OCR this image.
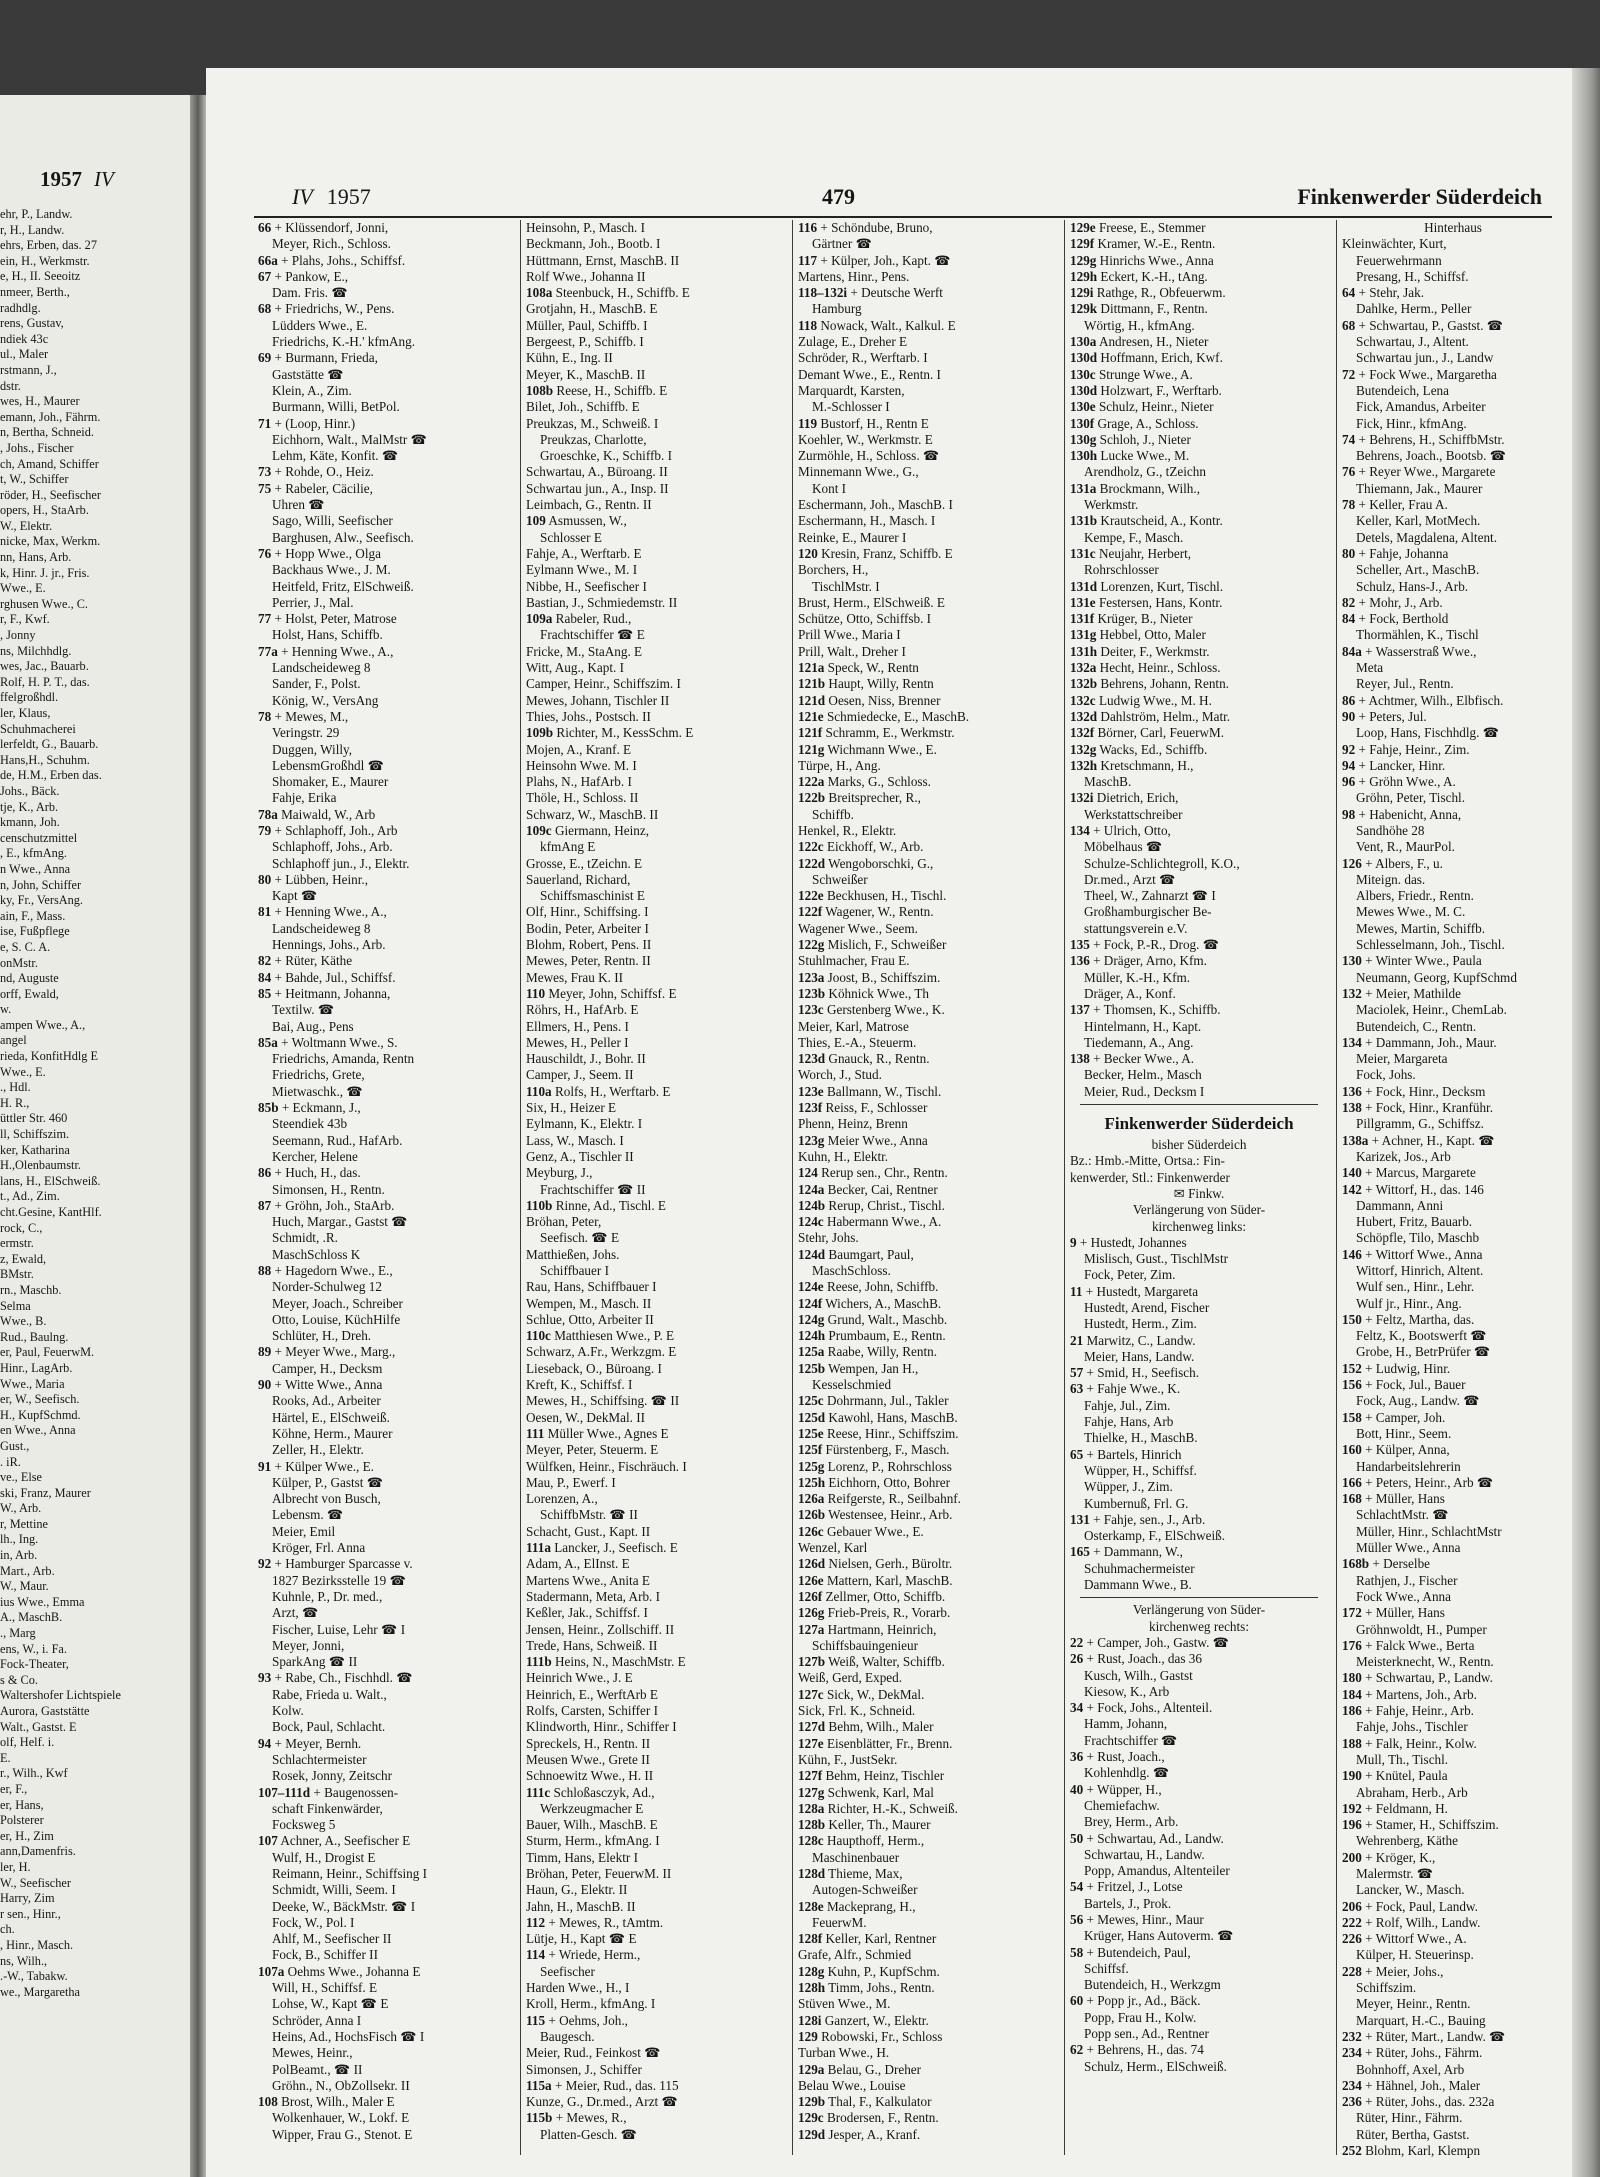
1957 IV
ehr, P., Landw.
r, H., Landw.
ehrs, Erben, das. 27
ein, H., Werkmstr.
e, H., II. Seeoitz
nmeer, Berth.,
radhdlg.
rens, Gustav,
ndiek 43c
ul., Maler
rstmann, J.,
dstr.
wes, H., Maurer
emann, Joh., Fährm.
n, Bertha, Schneid.
, Johs., Fischer
ch, Amand, Schiffer
t, W., Schiffer
röder, H., Seefischer
opers, H., StaArb.
W., Elektr.
nicke, Max, Werkm.
nn, Hans, Arb.
k, Hinr. J. jr., Fris.
Wwe., E.
rghusen Wwe., C.
r, F., Kwf.
, Jonny
ns, Milchhdlg.
wes, Jac., Bauarb.
Rolf, H. P. T., das.
ffelgroßhdl.
ler, Klaus,
Schuhmacherei
lerfeldt, G., Bauarb.
Hans,H., Schuhm.
de, H.M., Erben das.
Johs., Bäck.
tje, K., Arb.
kmann, Joh.
censchutzmittel
, E., kfmAng.
n Wwe., Anna
n, John, Schiffer
ky, Fr., VersAng.
ain, F., Mass.
ise, Fußpflege
e, S. C. A.
onMstr.
nd, Auguste
orff, Ewald,
w.
ampen Wwe., A.,
angel
rieda, KonfitHdlg E
Wwe., E.
., Hdl.
H. R.,
üttler Str. 460
ll, Schiffszim.
ker, Katharina
H.,Olenbaumstr.
lans, H., ElSchweiß.
t., Ad., Zim.
cht.Gesine, KantHlf.
rock, C.,
ermstr.
z, Ewald,
BMstr.
rn., Maschb.
Selma
Wwe., B.
Rud., Baulng.
er, Paul, FeuerwM.
Hinr., LagArb.
Wwe., Maria
er, W., Seefisch.
H., KupfSchmd.
en Wwe., Anna
Gust.,
. iR.
ve., Else
ski, Franz, Maurer
W., Arb.
r, Mettine
lh., Ing.
in, Arb.
Mart., Arb.
W., Maur.
ius Wwe., Emma
A., MaschB.
., Marg
ens, W., i. Fa.
Fock-Theater,
s & Co.
Waltershofer Lichtspiele
Aurora, Gaststätte
Walt., Gastst. E
olf, Helf. i.
E.
r., Wilh., Kwf
er, F.,
er, Hans,
Polsterer
er, H., Zim
ann,Damenfris.
ler, H.
W., Seefischer
Harry, Zim
r sen., Hinr.,
ch.
, Hinr., Masch.
ns, Wilh.,
.-W., Tabakw.
we., Margaretha
IV 1957	479	Finkenwerder Süderdeich
66 + Klüssendorf, Jonni,
Meyer, Rich., Schloss.
66a + Plahs, Johs., Schiffsf.
67 + Pankow, E.,
Dam. Fris. ☎
68 + Friedrichs, W., Pens.
Lüdders Wwe., E.
Friedrichs, K.-H.' kfmAng.
69 + Burmann, Frieda,
Gaststätte ☎
Klein, A., Zim.
Burmann, Willi, BetPol.
71 + (Loop, Hinr.)
Eichhorn, Walt., MalMstr ☎
Lehm, Käte, Konfit. ☎
73 + Rohde, O., Heiz.
75 + Rabeler, Cäcilie,
Uhren ☎
Sago, Willi, Seefischer
Barghusen, Alw., Seefisch.
76 + Hopp Wwe., Olga
Backhaus Wwe., J. M.
Heitfeld, Fritz, ElSchweiß.
Perrier, J., Mal.
77 + Holst, Peter, Matrose
Holst, Hans, Schiffb.
77a + Henning Wwe., A.,
Landscheideweg 8
Sander, F., Polst.
König, W., VersAng
78 + Mewes, M.,
Veringstr. 29
Duggen, Willy,
LebensmGroßhdl ☎
Shomaker, E., Maurer
Fahje, Erika
78a Maiwald, W., Arb
79 + Schlaphoff, Joh., Arb
Schlaphoff, Johs., Arb.
Schlaphoff jun., J., Elektr.
80 + Lübben, Heinr.,
Kapt ☎
81 + Henning Wwe., A.,
Landscheideweg 8
Hennings, Johs., Arb.
82 + Rüter, Käthe
84 + Bahde, Jul., Schiffsf.
85 + Heitmann, Johanna,
Textilw. ☎
Bai, Aug., Pens
85a + Woltmann Wwe., S.
Friedrichs, Amanda, Rentn
Friedrichs, Grete,
Mietwaschk., ☎
85b + Eckmann, J.,
Steendiek 43b
Seemann, Rud., HafArb.
Kercher, Helene
86 + Huch, H., das.
Simonsen, H., Rentn.
87 + Gröhn, Joh., StaArb.
Huch, Margar., Gastst ☎
Schmidt, .R.
MaschSchloss K
88 + Hagedorn Wwe., E.,
Norder-Schulweg 12
Meyer, Joach., Schreiber
Otto, Louise, KüchHilfe
Schlüter, H., Dreh.
89 + Meyer Wwe., Marg.,
Camper, H., Decksm
90 + Witte Wwe., Anna
Rooks, Ad., Arbeiter
Härtel, E., ElSchweiß.
Köhne, Herm., Maurer
Zeller, H., Elektr.
91 + Külper Wwe., E.
Külper, P., Gastst ☎
Albrecht von Busch,
Lebensm. ☎
Meier, Emil
Kröger, Frl. Anna
92 + Hamburger Sparcasse v.
1827 Bezirksstelle 19 ☎
Kuhnle, P., Dr. med.,
Arzt, ☎
Fischer, Luise, Lehr ☎ I
Meyer, Jonni,
SparkAng ☎ II
93 + Rabe, Ch., Fischhdl. ☎
Rabe, Frieda u. Walt.,
Kolw.
Bock, Paul, Schlacht.
94 + Meyer, Bernh.
Schlachtermeister
Rosek, Jonny, Zeitschr
107–111d + Baugenossen-
schaft Finkenwärder,
Focksweg 5
107 Achner, A., Seefischer E
Wulf, H., Drogist E
Reimann, Heinr., Schiffsing I
Schmidt, Willi, Seem. I
Deeke, W., BäckMstr. ☎ I
Fock, W., Pol. I
Ahlf, M., Seefischer II
Fock, B., Schiffer II
107a Oehms Wwe., Johanna E
Will, H., Schiffsf. E
Lohse, W., Kapt ☎ E
Schröder, Anna I
Heins, Ad., HochsFisch ☎ I
Mewes, Heinr.,
PolBeamt., ☎ II
Gröhn., N., ObZollsekr. II
108 Brost, Wilh., Maler E
Wolkenhauer, W., Lokf. E
Wipper, Frau G., Stenot. E
Heinsohn, P., Masch. I
Beckmann, Joh., Bootb. I
Hüttmann, Ernst, MaschB. II
Rolf Wwe., Johanna II
108a Steenbuck, H., Schiffb. E
Grotjahn, H., MaschB. E
Müller, Paul, Schiffb. I
Bergeest, P., Schiffb. I
Kühn, E., Ing. II
Meyer, K., MaschB. II
108b Reese, H., Schiffb. E
Bilet, Joh., Schiffb. E
Preukzas, M., Schweiß. I
Preukzas, Charlotte,
Groeschke, K., Schiffb. I
Schwartau, A., Büroang. II
Schwartau jun., A., Insp. II
Leimbach, G., Rentn. II
109 Asmussen, W.,
Schlosser E
Fahje, A., Werftarb. E
Eylmann Wwe., M. I
Nibbe, H., Seefischer I
Bastian, J., Schmiedemstr. II
109a Rabeler, Rud.,
Frachtschiffer ☎ E
Fricke, M., StaAng. E
Witt, Aug., Kapt. I
Camper, Heinr., Schiffszim. I
Mewes, Johann, Tischler II
Thies, Johs., Postsch. II
109b Richter, M., KessSchm. E
Mojen, A., Kranf. E
Heinsohn Wwe. M. I
Plahs, N., HafArb. I
Thöle, H., Schloss. II
Schwarz, W., MaschB. II
109c Giermann, Heinz,
kfmAng E
Grosse, E., tZeichn. E
Sauerland, Richard,
Schiffsmaschinist E
Olf, Hinr., Schiffsing. I
Bodin, Peter, Arbeiter I
Blohm, Robert, Pens. II
Mewes, Peter, Rentn. II
Mewes, Frau K. II
110 Meyer, John, Schiffsf. E
Röhrs, H., HafArb. E
Ellmers, H., Pens. I
Mewes, H., Peller I
Hauschildt, J., Bohr. II
Camper, J., Seem. II
110a Rolfs, H., Werftarb. E
Six, H., Heizer E
Eylmann, K., Elektr. I
Lass, W., Masch. I
Genz, A., Tischler II
Meyburg, J.,
Frachtschiffer ☎ II
110b Rinne, Ad., Tischl. E
Bröhan, Peter,
Seefisch. ☎ E
Matthießen, Johs.
Schiffbauer I
Rau, Hans, Schiffbauer I
Wempen, M., Masch. II
Schlue, Otto, Arbeiter II
110c Matthiesen Wwe., P. E
Schwarz, A.Fr., Werkzgm. E
Lieseback, O., Büroang. I
Kreft, K., Schiffsf. I
Mewes, H., Schiffsing. ☎ II
Oesen, W., DekMal. II
111 Müller Wwe., Agnes E
Meyer, Peter, Steuerm. E
Wülfken, Heinr., Fischräuch. I
Mau, P., Ewerf. I
Lorenzen, A.,
SchiffbMstr. ☎ II
Schacht, Gust., Kapt. II
111a Lancker, J., Seefisch. E
Adam, A., ElInst. E
Martens Wwe., Anita E
Stadermann, Meta, Arb. I
Keßler, Jak., Schiffsf. I
Jensen, Heinr., Zollschiff. II
Trede, Hans, Schweiß. II
111b Heins, N., MaschMstr. E
Heinrich Wwe., J. E
Heinrich, E., WerftArb E
Rolfs, Carsten, Schiffer I
Klindworth, Hinr., Schiffer I
Spreckels, H., Rentn. II
Meusen Wwe., Grete II
Schnoewitz Wwe., H. II
111c Schloßasczyk, Ad.,
Werkzeugmacher E
Bauer, Wilh., MaschB. E
Sturm, Herm., kfmAng. I
Timm, Hans, Elektr I
Bröhan, Peter, FeuerwM. II
Haun, G., Elektr. II
Jahn, H., MaschB. II
112 + Mewes, R., tAmtm.
Lütje, H., Kapt ☎ E
114 + Wriede, Herm.,
Seefischer
Harden Wwe., H., I
Kroll, Herm., kfmAng. I
115 + Oehms, Joh.,
Baugesch.
Meier, Rud., Feinkost ☎
Simonsen, J., Schiffer
115a + Meier, Rud., das. 115
Kunze, G., Dr.med., Arzt ☎
115b + Mewes, R.,
Platten-Gesch. ☎
116 + Schöndube, Bruno,
Gärtner ☎
117 + Külper, Joh., Kapt. ☎
Martens, Hinr., Pens.
118–132i + Deutsche Werft
Hamburg
118 Nowack, Walt., Kalkul. E
Zulage, E., Dreher E
Schröder, R., Werftarb. I
Demant Wwe., E., Rentn. I
Marquardt, Karsten,
M.-Schlosser I
119 Bustorf, H., Rentn E
Koehler, W., Werkmstr. E
Zurmöhle, H., Schloss. ☎
Minnemann Wwe., G.,
Kont I
Eschermann, Joh., MaschB. I
Eschermann, H., Masch. I
Reinke, E., Maurer I
120 Kresin, Franz, Schiffb. E
Borchers, H.,
TischlMstr. I
Brust, Herm., ElSchweiß. E
Schütze, Otto, Schiffsb. I
Prill Wwe., Maria I
Prill, Walt., Dreher I
121a Speck, W., Rentn
121b Haupt, Willy, Rentn
121d Oesen, Niss, Brenner
121e Schmiedecke, E., MaschB.
121f Schramm, E., Werkmstr.
121g Wichmann Wwe., E.
Türpe, H., Ang.
122a Marks, G., Schloss.
122b Breitsprecher, R.,
Schiffb.
Henkel, R., Elektr.
122c Eickhoff, W., Arb.
122d Wengoborschki, G.,
Schweißer
122e Beckhusen, H., Tischl.
122f Wagener, W., Rentn.
Wagener Wwe., Seem.
122g Mislich, F., Schweißer
Stuhlmacher, Frau E.
123a Joost, B., Schiffszim.
123b Köhnick Wwe., Th
123c Gerstenberg Wwe., K.
Meier, Karl, Matrose
Thies, E.-A., Steuerm.
123d Gnauck, R., Rentn.
Worch, J., Stud.
123e Ballmann, W., Tischl.
123f Reiss, F., Schlosser
Phenn, Heinz, Brenn
123g Meier Wwe., Anna
Kuhn, H., Elektr.
124 Rerup sen., Chr., Rentn.
124a Becker, Cai, Rentner
124b Rerup, Christ., Tischl.
124c Habermann Wwe., A.
Stehr, Johs.
124d Baumgart, Paul,
MaschSchloss.
124e Reese, John, Schiffb.
124f Wichers, A., MaschB.
124g Grund, Walt., Maschb.
124h Prumbaum, E., Rentn.
125a Raabe, Willy, Rentn.
125b Wempen, Jan H.,
Kesselschmied
125c Dohrmann, Jul., Takler
125d Kawohl, Hans, MaschB.
125e Reese, Hinr., Schiffszim.
125f Fürstenberg, F., Masch.
125g Lorenz, P., Rohrschloss
125h Eichhorn, Otto, Bohrer
126a Reifgerste, R., Seilbahnf.
126b Westensee, Heinr., Arb.
126c Gebauer Wwe., E.
Wenzel, Karl
126d Nielsen, Gerh., Büroltr.
126e Mattern, Karl, MaschB.
126f Zellmer, Otto, Schiffb.
126g Frieb-Preis, R., Vorarb.
127a Hartmann, Heinrich,
Schiffsbauingenieur
127b Weiß, Walter, Schiffb.
Weiß, Gerd, Exped.
127c Sick, W., DekMal.
Sick, Frl. K., Schneid.
127d Behm, Wilh., Maler
127e Eisenblätter, Fr., Brenn.
Kühn, F., JustSekr.
127f Behm, Heinz, Tischler
127g Schwenk, Karl, Mal
128a Richter, H.-K., Schweiß.
128b Keller, Th., Maurer
128c Haupthoff, Herm.,
Maschinenbauer
128d Thieme, Max,
Autogen-Schweißer
128e Mackeprang, H.,
FeuerwM.
128f Keller, Karl, Rentner
Grafe, Alfr., Schmied
128g Kuhn, P., KupfSchm.
128h Timm, Johs., Rentn.
Stüven Wwe., M.
128i Ganzert, W., Elektr.
129 Robowski, Fr., Schloss
Turban Wwe., H.
129a Belau, G., Dreher
Belau Wwe., Louise
129b Thal, F., Kalkulator
129c Brodersen, F., Rentn.
129d Jesper, A., Kranf.
129e Freese, E., Stemmer
129f Kramer, W.-E., Rentn.
129g Hinrichs Wwe., Anna
129h Eckert, K.-H., tAng.
129i Rathge, R., Obfeuerwm.
129k Dittmann, F., Rentn.
Wörtig, H., kfmAng.
130a Andresen, H., Nieter
130d Hoffmann, Erich, Kwf.
130c Strunge Wwe., A.
130d Holzwart, F., Werftarb.
130e Schulz, Heinr., Nieter
130f Grage, A., Schloss.
130g Schloh, J., Nieter
130h Lucke Wwe., M.
Arendholz, G., tZeichn
131a Brockmann, Wilh.,
Werkmstr.
131b Krautscheid, A., Kontr.
Kempe, F., Masch.
131c Neujahr, Herbert,
Rohrschlosser
131d Lorenzen, Kurt, Tischl.
131e Festersen, Hans, Kontr.
131f Krüger, B., Nieter
131g Hebbel, Otto, Maler
131h Deiter, F., Werkmstr.
132a Hecht, Heinr., Schloss.
132b Behrens, Johann, Rentn.
132c Ludwig Wwe., M. H.
132d Dahlström, Helm., Matr.
132f Börner, Carl, FeuerwM.
132g Wacks, Ed., Schiffb.
132h Kretschmann, H.,
MaschB.
132i Dietrich, Erich,
Werkstattschreiber
134 + Ulrich, Otto,
Möbelhaus ☎
Schulze-Schlichtegroll, K.O.,
Dr.med., Arzt ☎
Theel, W., Zahnarzt ☎ I
Großhamburgischer Be-
stattungsverein e.V.
135 + Fock, P.-R., Drog. ☎
136 + Dräger, Arno, Kfm.
Müller, K.-H., Kfm.
Dräger, A., Konf.
137 + Thomsen, K., Schiffb.
Hintelmann, H., Kapt.
Tiedemann, A., Ang.
138 + Becker Wwe., A.
Becker, Helm., Masch
Meier, Rud., Decksm I
Finkenwerder Süderdeich
bisher Süderdeich
Bz.: Hmb.-Mitte, Ortsa.: Fin-
kenwerder, Stl.: Finkenwerder
✉ Finkw.
Verlängerung von Süder-
kirchenweg links:
9 + Hustedt, Johannes
Mislisch, Gust., TischlMstr
Fock, Peter, Zim.
11 + Hustedt, Margareta
Hustedt, Arend, Fischer
Hustedt, Herm., Zim.
21 Marwitz, C., Landw.
Meier, Hans, Landw.
57 + Smid, H., Seefisch.
63 + Fahje Wwe., K.
Fahje, Jul., Zim.
Fahje, Hans, Arb
Thielke, H., MaschB.
65 + Bartels, Hinrich
Wüpper, H., Schiffsf.
Wüpper, J., Zim.
Kumbernuß, Frl. G.
131 + Fahje, sen., J., Arb.
Osterkamp, F., ElSchweiß.
165 + Dammann, W.,
Schuhmachermeister
Dammann Wwe., B.
Verlängerung von Süder-
kirchenweg rechts:
22 + Camper, Joh., Gastw. ☎
26 + Rust, Joach., das 36
Kusch, Wilh., Gastst
Kiesow, K., Arb
34 + Fock, Johs., Altenteil.
Hamm, Johann,
Frachtschiffer ☎
36 + Rust, Joach.,
Kohlenhdlg. ☎
40 + Wüpper, H.,
Chemiefachw.
Brey, Herm., Arb.
50 + Schwartau, Ad., Landw.
Schwartau, H., Landw.
Popp, Amandus, Altenteiler
54 + Fritzel, J., Lotse
Bartels, J., Prok.
56 + Mewes, Hinr., Maur
Krüger, Hans Autoverm. ☎
58 + Butendeich, Paul,
Schiffsf.
Butendeich, H., Werkzgm
60 + Popp jr., Ad., Bäck.
Popp, Frau H., Kolw.
Popp sen., Ad., Rentner
62 + Behrens, H., das. 74
Schulz, Herm., ElSchweiß.
Hinterhaus
Kleinwächter, Kurt,
Feuerwehrmann
Presang, H., Schiffsf.
64 + Stehr, Jak.
Dahlke, Herm., Peller
68 + Schwartau, P., Gastst. ☎
Schwartau, J., Altent.
Schwartau jun., J., Landw
72 + Fock Wwe., Margaretha
Butendeich, Lena
Fick, Amandus, Arbeiter
Fick, Hinr., kfmAng.
74 + Behrens, H., SchiffbMstr.
Behrens, Joach., Bootsb. ☎
76 + Reyer Wwe., Margarete
Thiemann, Jak., Maurer
78 + Keller, Frau A.
Keller, Karl, MotMech.
Detels, Magdalena, Altent.
80 + Fahje, Johanna
Scheller, Art., MaschB.
Schulz, Hans-J., Arb.
82 + Mohr, J., Arb.
84 + Fock, Berthold
Thormählen, K., Tischl
84a + Wasserstraß Wwe.,
Meta
Reyer, Jul., Rentn.
86 + Achtmer, Wilh., Elbfisch.
90 + Peters, Jul.
Loop, Hans, Fischhdlg. ☎
92 + Fahje, Heinr., Zim.
94 + Lancker, Hinr.
96 + Gröhn Wwe., A.
Gröhn, Peter, Tischl.
98 + Habenicht, Anna,
Sandhöhe 28
Vent, R., MaurPol.
126 + Albers, F., u.
Miteign. das.
Albers, Friedr., Rentn.
Mewes Wwe., M. C.
Mewes, Martin, Schiffb.
Schlesselmann, Joh., Tischl.
130 + Winter Wwe., Paula
Neumann, Georg, KupfSchmd
132 + Meier, Mathilde
Maciolek, Heinr., ChemLab.
Butendeich, C., Rentn.
134 + Dammann, Joh., Maur.
Meier, Margareta
Fock, Johs.
136 + Fock, Hinr., Decksm
138 + Fock, Hinr., Kranführ.
Pillgramm, G., Schiffsz.
138a + Achner, H., Kapt. ☎
Karizek, Jos., Arb
140 + Marcus, Margarete
142 + Wittorf, H., das. 146
Dammann, Anni
Hubert, Fritz, Bauarb.
Schöpfle, Tilo, Maschb
146 + Wittorf Wwe., Anna
Wittorf, Hinrich, Altent.
Wulf sen., Hinr., Lehr.
Wulf jr., Hinr., Ang.
150 + Feltz, Martha, das.
Feltz, K., Bootswerft ☎
Grobe, H., BetrPrüfer ☎
152 + Ludwig, Hinr.
156 + Fock, Jul., Bauer
Fock, Aug., Landw. ☎
158 + Camper, Joh.
Bott, Hinr., Seem.
160 + Külper, Anna,
Handarbeitslehrerin
166 + Peters, Heinr., Arb ☎
168 + Müller, Hans
SchlachtMstr. ☎
Müller, Hinr., SchlachtMstr
Müller Wwe., Anna
168b + Derselbe
Rathjen, J., Fischer
Fock Wwe., Anna
172 + Müller, Hans
Gröhnwoldt, H., Pumper
176 + Falck Wwe., Berta
Meisterknecht, W., Rentn.
180 + Schwartau, P., Landw.
184 + Martens, Joh., Arb.
186 + Fahje, Heinr., Arb.
Fahje, Johs., Tischler
188 + Falk, Heinr., Kolw.
Mull, Th., Tischl.
190 + Knütel, Paula
Abraham, Herb., Arb
192 + Feldmann, H.
196 + Stamer, H., Schiffszim.
Wehrenberg, Käthe
200 + Kröger, K.,
Malermstr. ☎
Lancker, W., Masch.
206 + Fock, Paul, Landw.
222 + Rolf, Wilh., Landw.
226 + Wittorf Wwe., A.
Külper, H. Steuerinsp.
228 + Meier, Johs.,
Schiffszim.
Meyer, Heinr., Rentn.
Marquart, H.-C., Bauing
232 + Rüter, Mart., Landw. ☎
234 + Rüter, Johs., Fährm.
Bohnhoff, Axel, Arb
234 + Hähnel, Joh., Maler
236 + Rüter, Johs., das. 232a
Rüter, Hinr., Fährm.
Rüter, Bertha, Gastst.
252 Blohm, Karl, Klempn
